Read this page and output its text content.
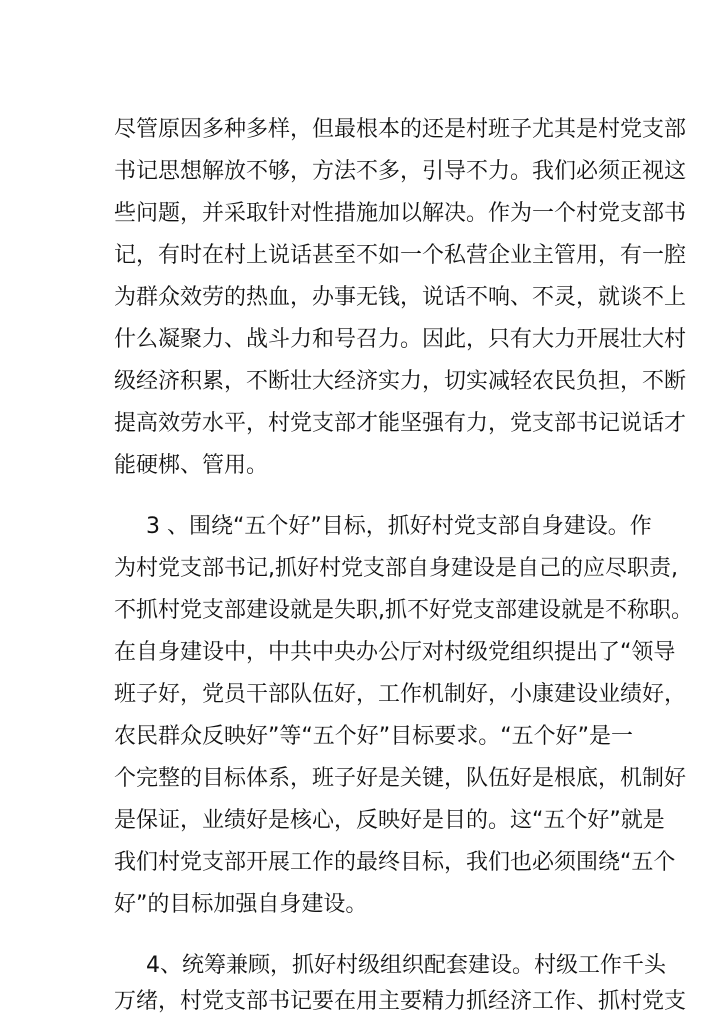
尽管原因多种多样，但最根本的还是村班子尤其是村党支部
书记思想解放不够，方法不多，引导不力。我们必须正视这
些问题，并采取针对性措施加以解决。作为一个村党支部书
记，有时在村上说话甚至不如一个私营企业主管用，有一腔
为群众效劳的热血，办事无钱，说话不响、不灵，就谈不上
什么凝聚力、战斗力和号召力。因此，只有大力开展壮大村
级经济积累，不断壮大经济实力，切实减轻农民负担，不断
提高效劳水平，村党支部才能坚强有力，党支部书记说话才
能硬梆、管用。
3 、围绕“五个好”目标，抓好村党支部自身建设。作
为村党支部书记,抓好村党支部自身建设是自己的应尽职责,
不抓村党支部建设就是失职,抓不好党支部建设就是不称职。
在自身建设中，中共中央办公厅对村级党组织提出了“领导
班子好，党员干部队伍好，工作机制好，小康建设业绩好，
农民群众反映好”等“五个好”目标要求。“五个好”是一
个完整的目标体系，班子好是关键，队伍好是根底，机制好
是保证，业绩好是核心，反映好是目的。这“五个好”就是
我们村党支部开展工作的最终目标，我们也必须围绕“五个
好”的目标加强自身建设。
4、统筹兼顾，抓好村级组织配套建设。村级工作千头
万绪，村党支部书记要在用主要精力抓经济工作、抓村党支
